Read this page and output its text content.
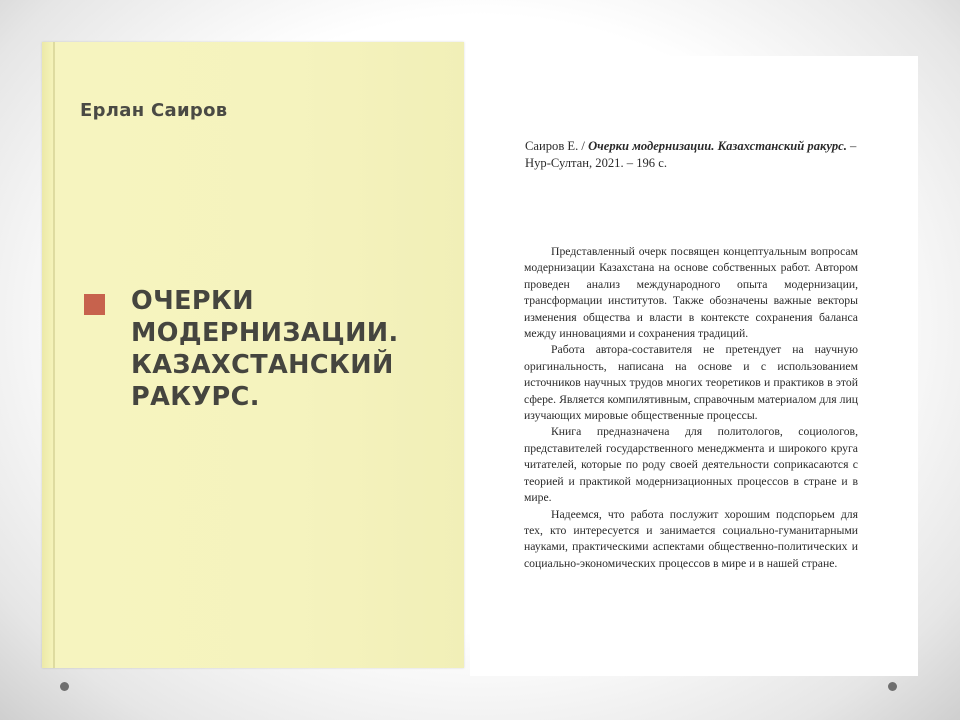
Ерлан Саиров
ОЧЕРКИ
МОДЕРНИЗАЦИИ.
КАЗАХСТАНСКИЙ
РАКУРС.
Саиров Е. / Очерки модернизации. Казахстанский ракурс. – Нур-Султан, 2021. – 196 с.

Представленный очерк посвящен концептуальным вопросам модернизации Казахстана на основе собственных работ. Автором проведен анализ международного опыта модернизации, трансформации институтов. Также обозначены важные векторы изменения общества и власти в контексте сохранения баланса между инновациями и сохранения традиций.

Работа автора-составителя не претендует на научную оригинальность, написана на основе и с использованием источников научных трудов многих теоретиков и практиков в этой сфере. Является компилятивным, справочным материалом для лиц изучающих мировые общественные процессы.

Книга предназначена для политологов, социологов, представителей государственного менеджмента и широкого круга читателей, которые по роду своей деятельности соприкасаются с теорией и практикой модернизационных процессов в стране и в мире.

Надеемся, что работа послужит хорошим подспорьем для тех, кто интересуется и занимается социально-гуманитарными науками, практическими аспектами общественно-политических и социально-экономических процессов в мире и в нашей стране.
